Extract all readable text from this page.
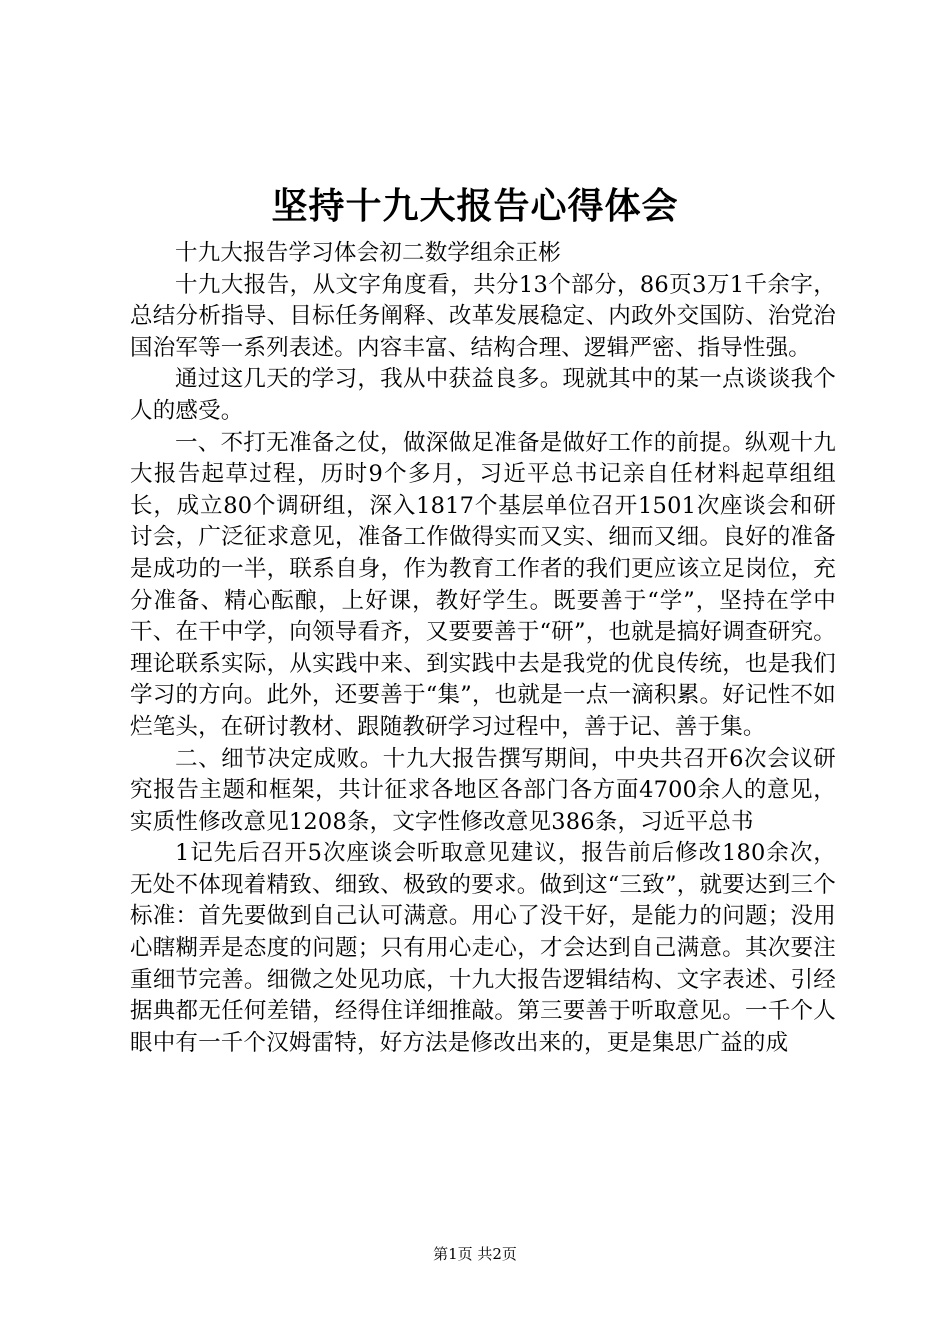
坚持十九大报告心得体会

十九大报告学习体会初二数学组余正彬

十九大报告，从文字角度看，共分13个部分，86页3万1千余字，总结分析指导、目标任务阐释、改革发展稳定、内政外交国防、治党治国治军等一系列表述。内容丰富、结构合理、逻辑严密、指导性强。

通过这几天的学习，我从中获益良多。现就其中的某一点谈谈我个人的感受。

一、不打无准备之仗，做深做足准备是做好工作的前提。纵观十九大报告起草过程，历时9个多月，习近平总书记亲自任材料起草组组长，成立80个调研组，深入1817个基层单位召开1501次座谈会和研讨会，广泛征求意见，准备工作做得实而又实、细而又细。良好的准备是成功的一半，联系自身，作为教育工作者的我们更应该立足岗位，充分准备、精心酝酿，上好课，教好学生。既要善于“学”，坚持在学中干、在干中学，向领导看齐，又要要善于“研”，也就是搞好调查研究。理论联系实际，从实践中来、到实践中去是我党的优良传统，也是我们学习的方向。此外，还要善于“集”，也就是一点一滴积累。好记性不如烂笔头，在研讨教材、跟随教研学习过程中，善于记、善于集。

二、细节决定成败。十九大报告撰写期间，中央共召开6次会议研究报告主题和框架，共计征求各地区各部门各方面4700余人的意见，实质性修改意见1208条，文字性修改意见386条，习近平总书

1记先后召开5次座谈会听取意见建议，报告前后修改180余次，无处不体现着精致、细致、极致的要求。做到这“三致”，就要达到三个标准：首先要做到自己认可满意。用心了没干好，是能力的问题；没用心瞎糊弄是态度的问题；只有用心走心，才会达到自己满意。其次要注重细节完善。细微之处见功底，十九大报告逻辑结构、文字表述、引经据典都无任何差错，经得住详细推敲。第三要善于听取意见。一千个人眼中有一千个汉姆雷特，好方法是修改出来的，更是集思广益的成

第1页 共2页
